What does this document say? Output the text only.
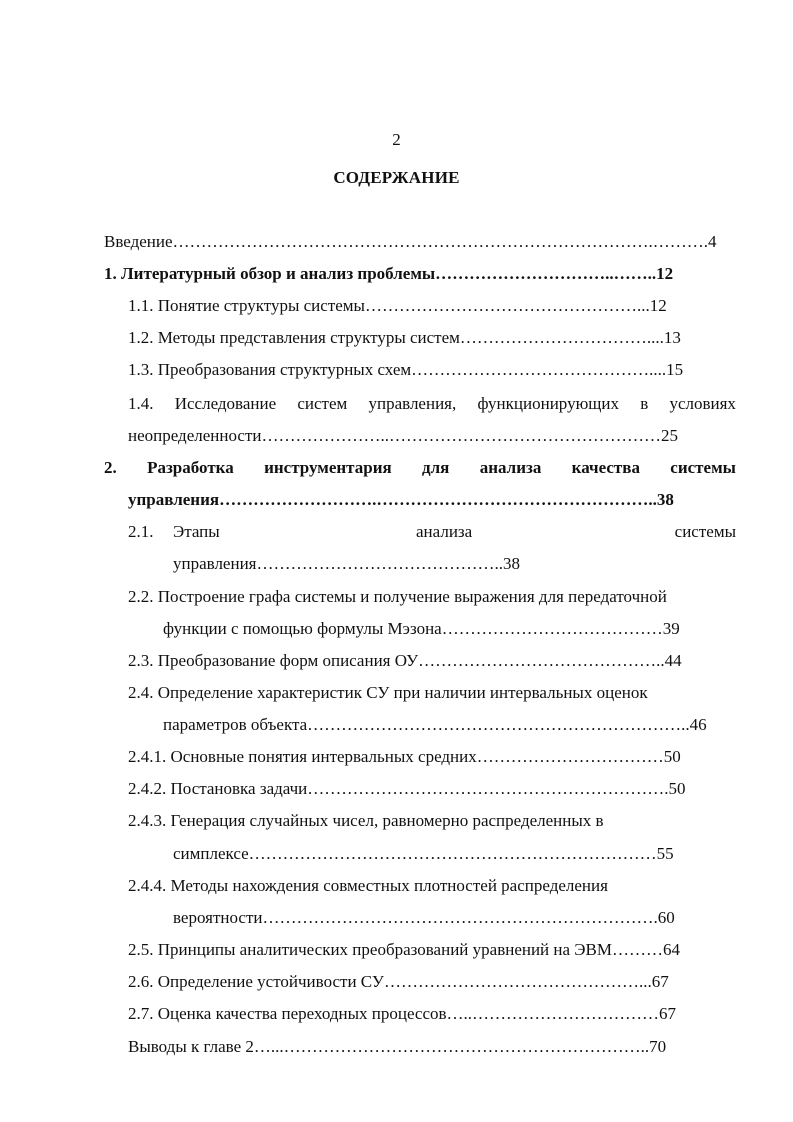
2
СОДЕРЖАНИЕ
Введение………………………………………………………………………….……….4
1. Литературный обзор и анализ проблемы…………………………..……..12
1.1. Понятие структуры системы…………………………………………...12
1.2. Методы представления структуры систем……………………………....13
1.3. Преобразования структурных схем……………………………………....15
1.4. Исследование систем управления, функционирующих в условиях
неопределенности…………………..…………………………………………25
2. Разработка инструментария для анализа качества системы
управления……………………….…………………………………………..38
2.1. Этапы	анализа	системы
управления……………………………………..38
2.2. Построение графа системы и получение выражения для передаточной
функции с помощью формулы Мэзона…………………………………39
2.3. Преобразование форм описания ОУ……………………………………..44
2.4. Определение характеристик СУ при наличии интервальных оценок
параметров объекта…………………………………………………………..46
2.4.1. Основные понятия интервальных средних……………………………50
2.4.2. Постановка задачи……………………………………………………….50
2.4.3. Генерация случайных чисел, равномерно распределенных в
симплексе………………………………………………………………55
2.4.4. Методы нахождения совместных плотностей распределения
вероятности…………………………………………………………….60
2.5. Принципы аналитических преобразований уравнений на ЭВМ………64
2.6. Определение устойчивости СУ………………………………………...67
2.7. Оценка качества переходных процессов…..……………………………67
Выводы к главе 2…...………………………………………………………..70
